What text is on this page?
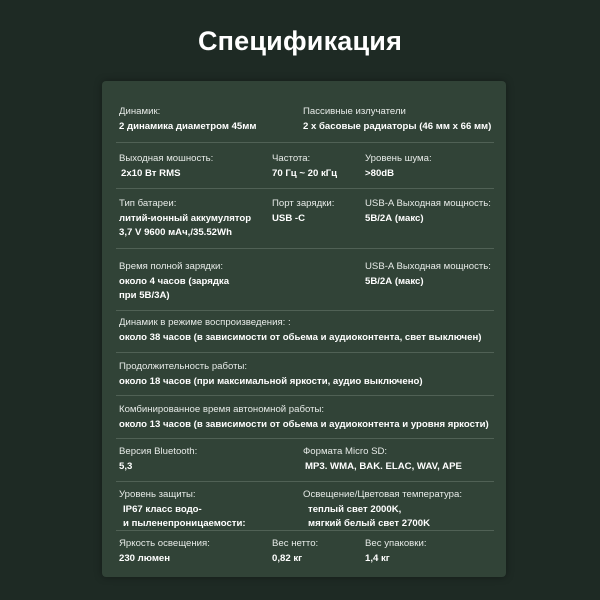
Спецификация
Динамик:
2 динамика диаметром 45мм
Пассивные излучатели
2 х басовые радиаторы (46 мм х 66 мм)
Выходная мошность:
2х10 Вт RMS
Частота:
70 Гц ~ 20 кГц
Уровень шума:
>80dB
Тип батареи:
литий-ионный аккумулятор
3,7 V 9600 мАч,/35.52Wh
Порт зарядки:
USB -C
USB-A Выходная мощность:
5В/2А (макс)
Время полной зарядки:
около 4 часов (зарядка
при 5В/3А)
USB-A Выходная мощность:
5В/2А (макс)
Динамик в режиме воспроизведения: :
около 38 часов (в зависимости от обьема и аудиоконтента, свет выключен)
Продолжительность работы:
около 18 часов (при максимальной яркости, аудио выключено)
Комбинированное время автономной работы:
около 13 часов (в зависимости от обьема и аудиоконтента и уровня яркости)
Версия Bluetooth:
5,3
Формата Micro SD:
MP3. WMA, BAK. ELAC, WAV, APE
Уровень защиты:
IP67 класс водо-
и пыленепроницаемости:
Освещение/Цветовая температура:
теплый свет 2000K,
мягкий белый свет 2700K
Яркость освещения:
230 люмен
Вес нетто:
0,82 кг
Вес упаковки:
1,4 кг
